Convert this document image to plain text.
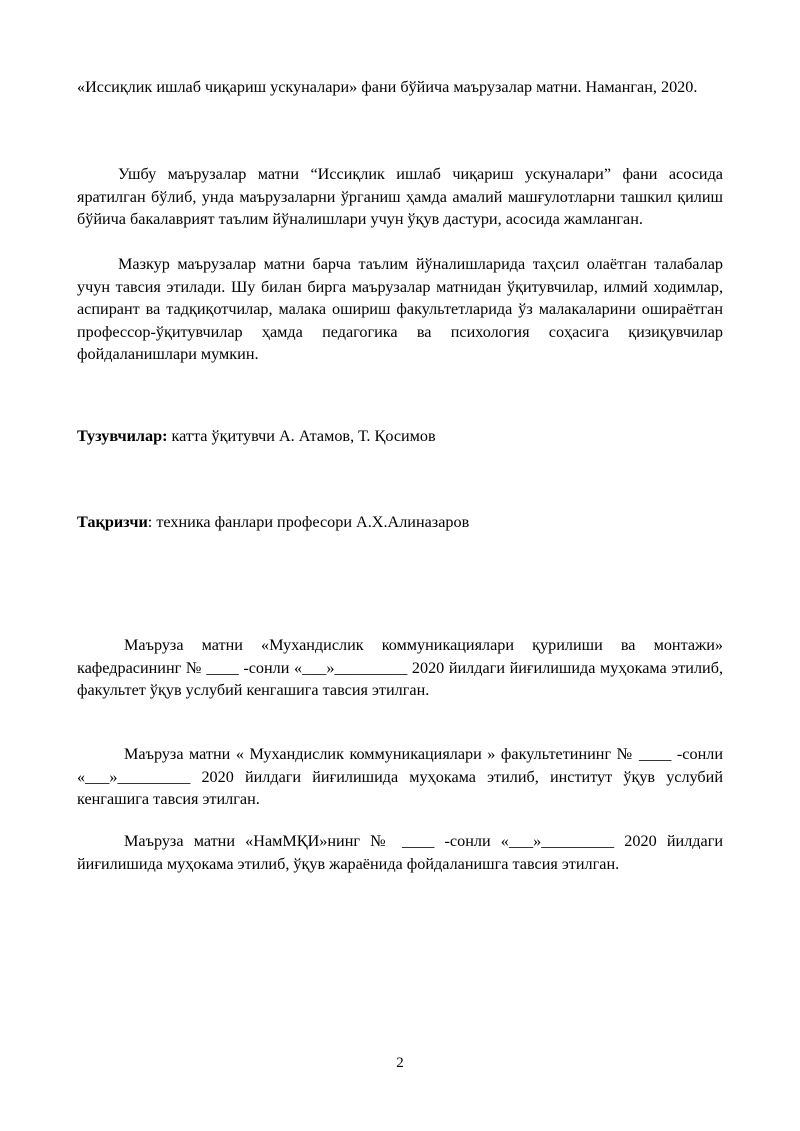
«Иссиқлик ишлаб чиқариш ускуналари» фани бўйича маърузалар матни. Наманган, 2020.

Ушбу маърузалар матни “Иссиқлик ишлаб чиқариш ускуналари” фани асосида яратилган бўлиб, унда маърузаларни ўрганиш ҳамда амалий машғулотларни ташкил қилиш бўйича бакалаврият таълим йўналишлари учун ўқув дастури, асосида жамланган.

Мазкур маърузалар матни барча таълим йўналишларида таҳсил олаётган талабалар учун тавсия этилади. Шу билан бирга маърузалар матнидан ўқитувчилар, илмий ходимлар, аспирант ва тадқиқотчилар, малака ошириш факультетларида ўз малакаларини ошираётган профессор-ўқитувчилар ҳамда педагогика ва психология соҳасига қизиқувчилар фойдаланишлари мумкин.

Тузувчилар: катта ўқитувчи А. Атамов, Т. Қосимов

Тақризчи: техника фанлари професори А.Х.Алиназаров

Маъруза матни «Мухандислик коммуникациялари қурилиши ва монтажи» кафедрасининг № ____ -сонли «___»_________ 2020 йилдаги йиғилишида муҳокама этилиб, факультет ўқув услубий кенгашига тавсия этилган.

Маъруза матни « Мухандислик коммуникациялари » факультетининг № ____ -сонли «___»_________ 2020 йилдаги йиғилишида муҳокама этилиб, институт ўқув услубий кенгашига тавсия этилган.

Маъруза матни «НамМҚИ»нинг № ____ -сонли «___»_________ 2020 йилдаги йиғилишида муҳокама этилиб, ўқув жараёнида фойдаланишга тавсия этилган.

2
